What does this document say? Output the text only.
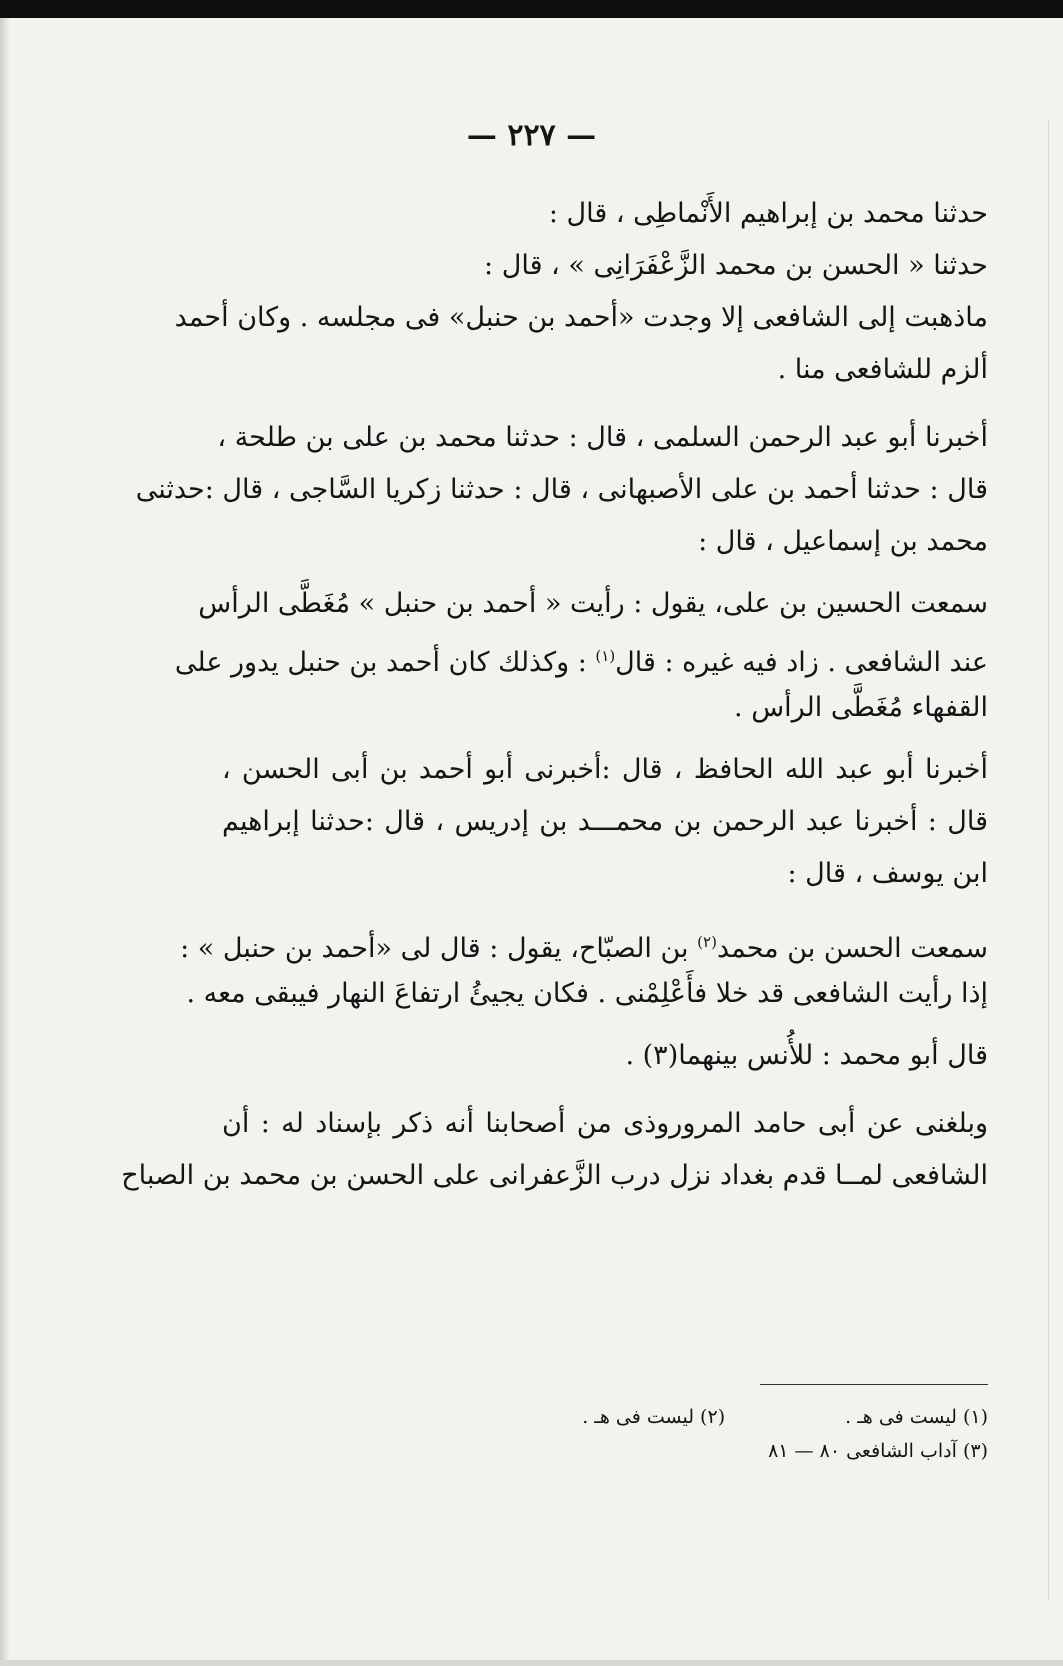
— ٢٢٧ —
حدثنا محمد بن إبراهيم الأَنْماطِى ، قال :
حدثنا « الحسن بن محمد الزَّعْفَرَانِى » ، قال :
ماذهبت إلى الشافعى إلا وجدت «أحمد بن حنبل» فى مجلسه . وكان أحمد
ألزم للشافعى منا .
أخبرنا أبو عبد الرحمن السلمى ، قال : حدثنا محمد بن على بن طلحة ،
قال : حدثنا أحمد بن على الأصبهانى ، قال : حدثنا زكريا السَّاجى ، قال :حدثنى
محمد بن إسماعيل ، قال :
سمعت الحسين بن على، يقول : رأيت « أحمد بن حنبل » مُغَطَّى الرأس
عند الشافعى . زاد فيه غيره : قال$^{(١)}$ : وكذلك كان أحمد بن حنبل يدور على
القفهاء مُغَطَّى الرأس .
أخبرنا أبو عبد الله الحافظ ، قال :أخبرنى أبو أحمد بن أبى الحسن ،
قال : أخبرنا عبد الرحمن بن محمـــد بن إدريس ، قال :حدثنا إبراهيم
ابن يوسف ، قال :
سمعت الحسن بن محمد$^{(٢)}$ بن الصبّاح، يقول : قال لى «أحمد بن حنبل » :
إذا رأيت الشافعى قد خلا فأَعْلِمْنى . فكان يجيئُ ارتفاعَ النهار فيبقى معه .
قال أبو محمد : للأُنس بينهما(٣) .
وبلغنى عن أبى حامد المروروذى من أصحابنا أنه ذكر بإسناد له : أن
الشافعى لمــا قدم بغداد نزل درب الزَّعفرانى على الحسن بن محمد بن الصباح
(١) ليست فى هـ .
(٢) ليست فى هـ .
(٣) آداب الشافعى ٨٠ — ٨١
